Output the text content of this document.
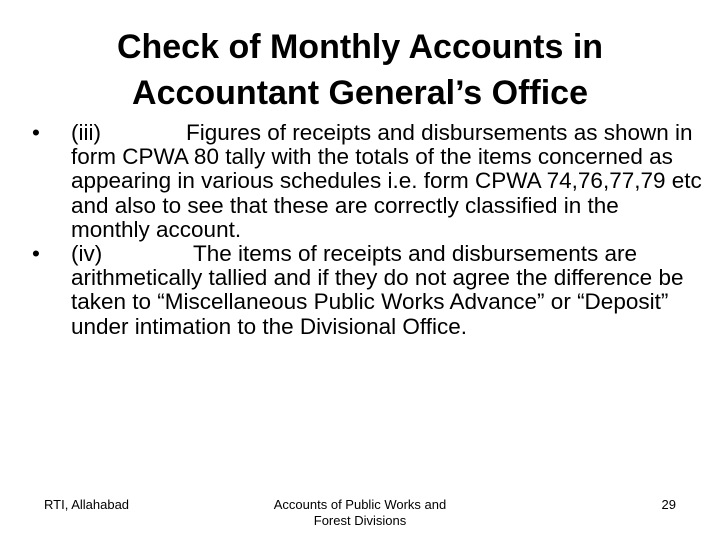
Check of Monthly Accounts in
Accountant General’s Office
• (iii)	Figures of receipts and disbursements as shown in form CPWA 80 tally with the totals of the items concerned as appearing in various schedules i.e. form CPWA 74,76,77,79 etc and also to see that these are correctly classified in the monthly account.
• (iv)	The items of receipts and disbursements are arithmetically tallied and if they do not agree the difference be taken to “Miscellaneous Public Works Advance” or “Deposit” under intimation to the Divisional Office.
RTI, Allahabad	Accounts of Public Works and
Forest Divisions
29
